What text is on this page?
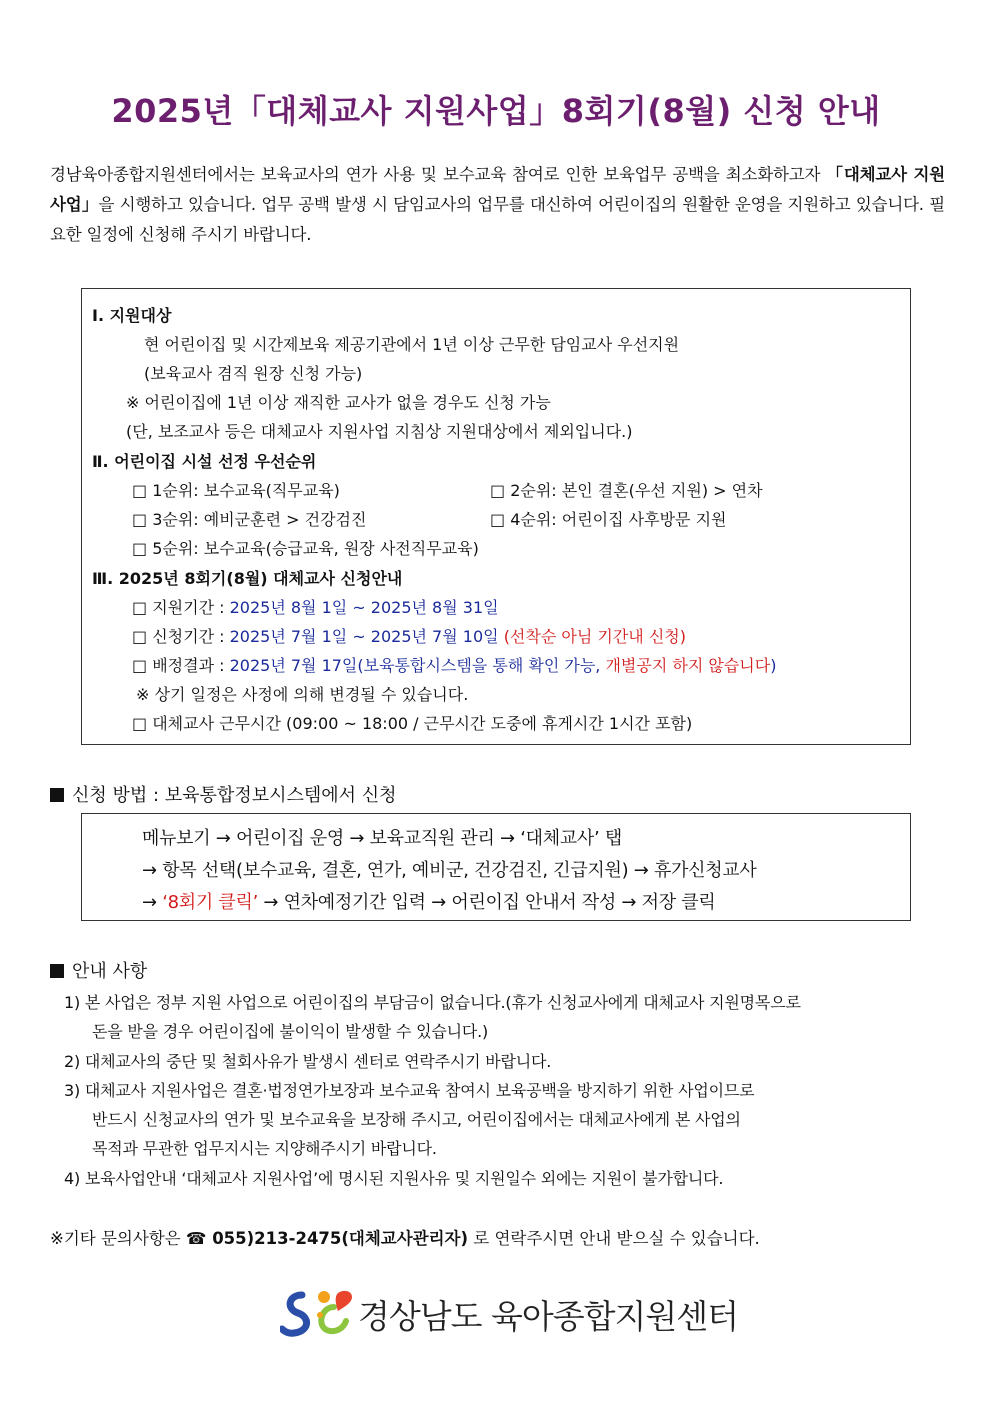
2025년「대체교사 지원사업」8회기(8월) 신청 안내
경남육아종합지원센터에서는 보육교사의 연가 사용 및 보수교육 참여로 인한 보육업무 공백을 최소화하고자 「대체교사 지원사업」을 시행하고 있습니다. 업무 공백 발생 시 담임교사의 업무를 대신하여 어린이집의 원활한 운영을 지원하고 있습니다. 필요한 일정에 신청해 주시기 바랍니다.
Ⅰ. 지원대상
현 어린이집 및 시간제보육 제공기관에서 1년 이상 근무한 담임교사 우선지원
(보육교사 겸직 원장 신청 가능)
※ 어린이집에 1년 이상 재직한 교사가 없을 경우도 신청 가능
(단, 보조교사 등은 대체교사 지원사업 지침상 지원대상에서 제외입니다.)
Ⅱ. 어린이집 시설 선정 우선순위
□ 1순위: 보수교육(직무교육)	□ 2순위: 본인 결혼(우선 지원) > 연차
□ 3순위: 예비군훈련 > 건강검진	□ 4순위: 어린이집 사후방문 지원
□ 5순위: 보수교육(승급교육, 원장 사전직무교육)
Ⅲ. 2025년 8회기(8월) 대체교사 신청안내
□ 지원기간 : 2025년 8월 1일 ~ 2025년 8월 31일
□ 신청기간 : 2025년 7월 1일 ~ 2025년 7월 10일 (선착순 아님 기간내 신청)
□ 배정결과 : 2025년 7월 17일(보육통합시스템을 통해 확인 가능, 개별공지 하지 않습니다)
※ 상기 일정은 사정에 의해 변경될 수 있습니다.
□ 대체교사 근무시간 (09:00 ~ 18:00 / 근무시간 도중에 휴게시간 1시간 포함)
신청 방법 : 보육통합정보시스템에서 신청
메뉴보기 → 어린이집 운영 → 보육교직원 관리 → ‘대체교사’ 탭
→ 항목 선택(보수교육, 결혼, 연가, 예비군, 건강검진, 긴급지원) → 휴가신청교사
→ ‘8회기 클릭’ → 연차예정기간 입력 → 어린이집 안내서 작성 → 저장 클릭
안내 사항
1) 본 사업은 정부 지원 사업으로 어린이집의 부담금이 없습니다.(휴가 신청교사에게 대체교사 지원명목으로
돈을 받을 경우 어린이집에 불이익이 발생할 수 있습니다.)
2) 대체교사의 중단 및 철회사유가 발생시 센터로 연락주시기 바랍니다.
3) 대체교사 지원사업은 결혼·법정연가보장과 보수교육 참여시 보육공백을 방지하기 위한 사업이므로
반드시 신청교사의 연가 및 보수교육을 보장해 주시고, 어린이집에서는 대체교사에게 본 사업의
목적과 무관한 업무지시는 지양해주시기 바랍니다.
4) 보육사업안내 ‘대체교사 지원사업’에 명시된 지원사유 및 지원일수 외에는 지원이 불가합니다.
※기타 문의사항은 ☎ 055)213-2475(대체교사관리자) 로 연락주시면 안내 받으실 수 있습니다.
경상남도 육아종합지원센터
